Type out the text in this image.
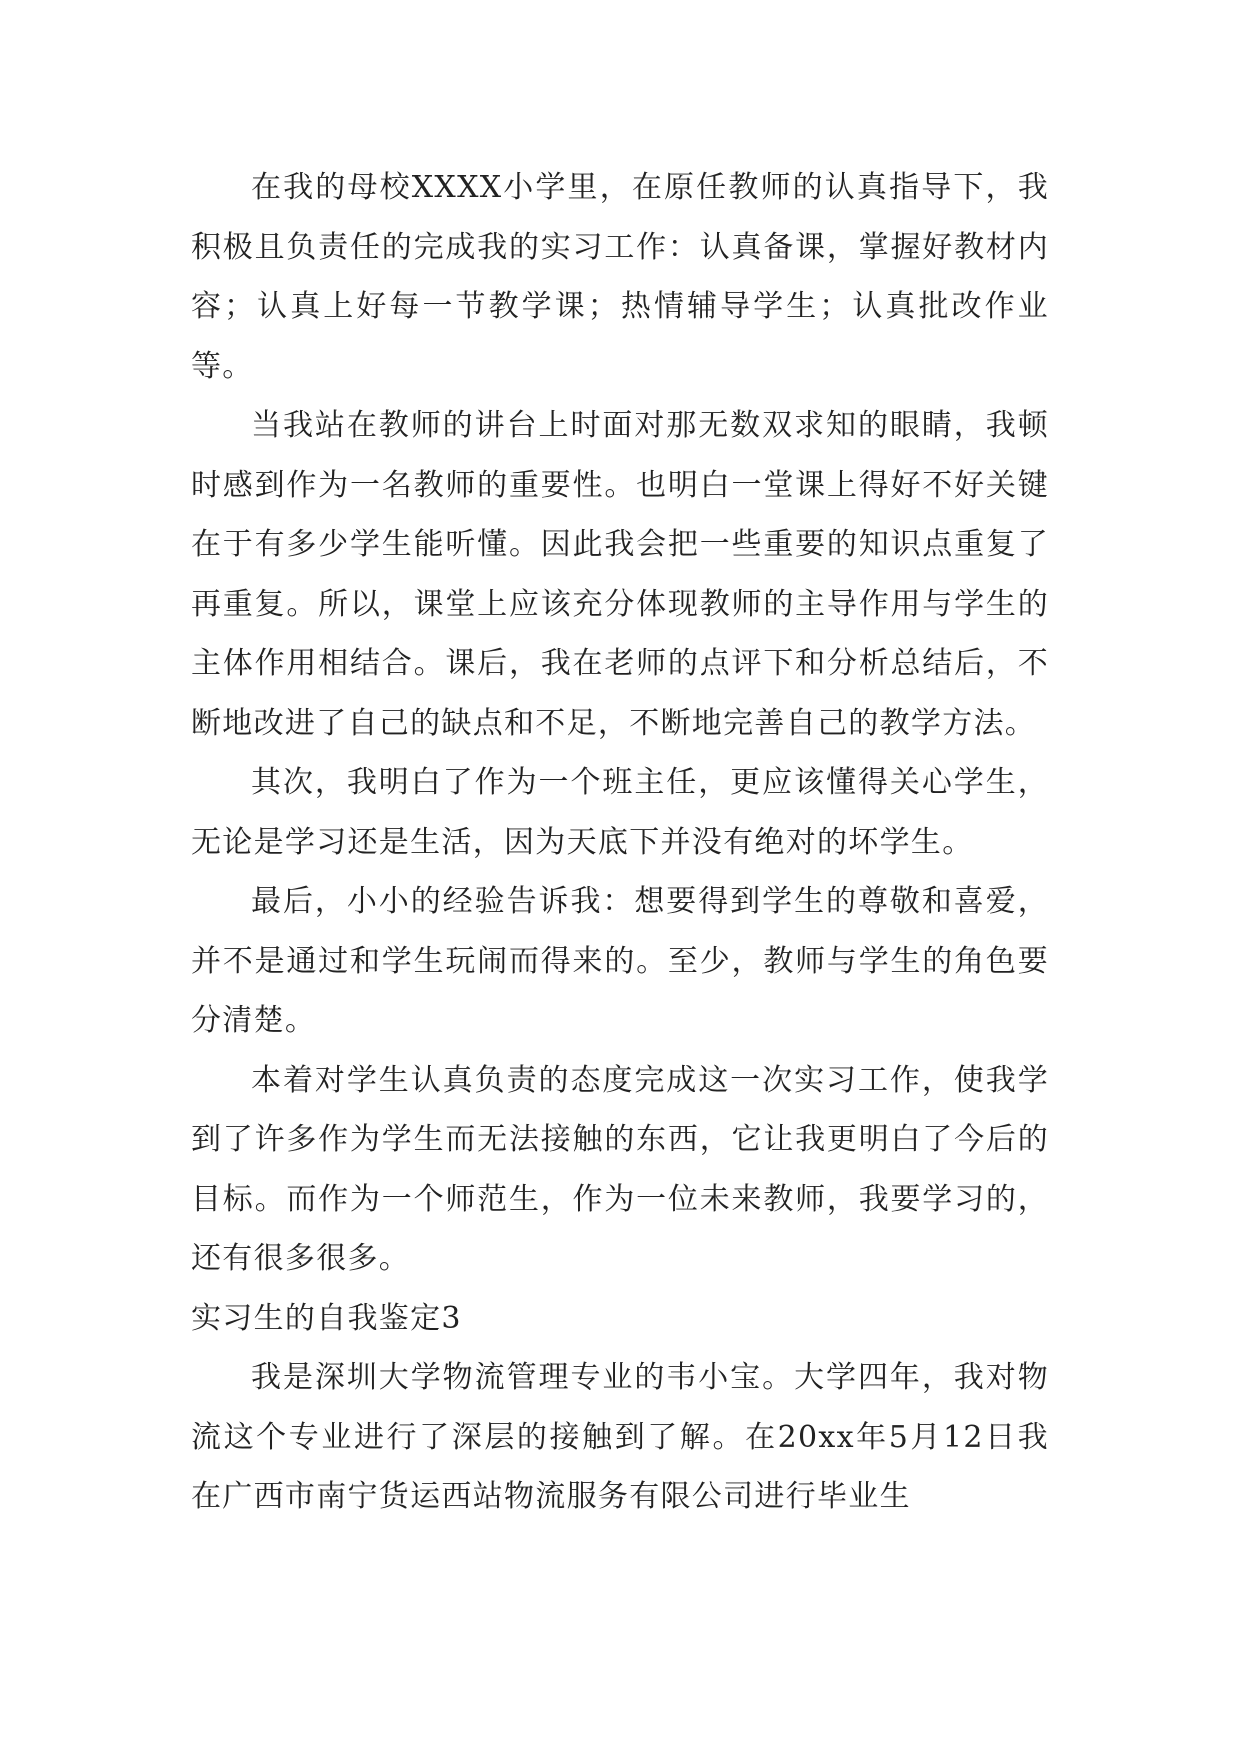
在我的母校XXXX小学里，在原任教师的认真指导下，我积极且负责任的完成我的实习工作：认真备课，掌握好教材内容；认真上好每一节教学课；热情辅导学生；认真批改作业等。

当我站在教师的讲台上时面对那无数双求知的眼睛，我顿时感到作为一名教师的重要性。也明白一堂课上得好不好关键在于有多少学生能听懂。因此我会把一些重要的知识点重复了再重复。所以，课堂上应该充分体现教师的主导作用与学生的主体作用相结合。课后，我在老师的点评下和分析总结后，不断地改进了自己的缺点和不足，不断地完善自己的教学方法。

其次，我明白了作为一个班主任，更应该懂得关心学生，无论是学习还是生活，因为天底下并没有绝对的坏学生。

最后，小小的经验告诉我：想要得到学生的尊敬和喜爱，并不是通过和学生玩闹而得来的。至少，教师与学生的角色要分清楚。

本着对学生认真负责的态度完成这一次实习工作，使我学到了许多作为学生而无法接触的东西，它让我更明白了今后的目标。而作为一个师范生，作为一位未来教师，我要学习的，还有很多很多。

实习生的自我鉴定3

我是深圳大学物流管理专业的韦小宝。大学四年，我对物流这个专业进行了深层的接触到了解。在20xx年5月12日我在广西市南宁货运西站物流服务有限公司进行毕业生
